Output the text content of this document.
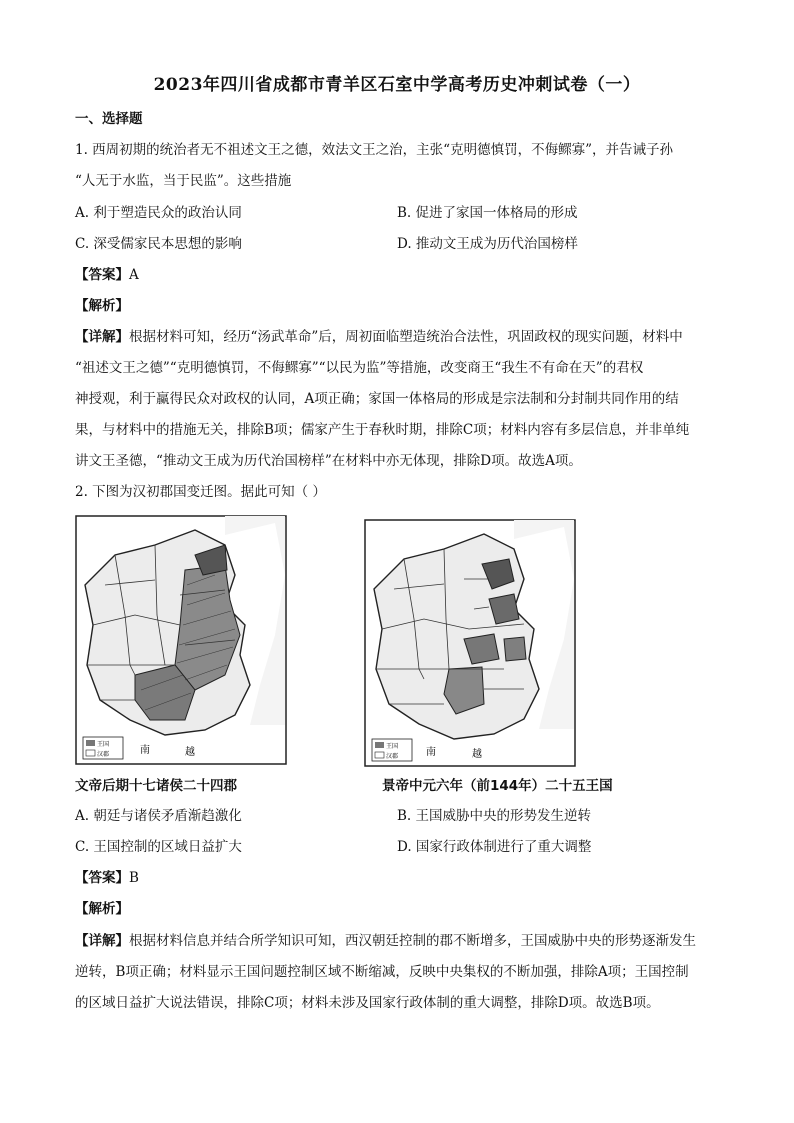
2023年四川省成都市青羊区石室中学高考历史冲刺试卷（一）
一、选择题
1. 西周初期的统治者无不祖述文王之德，效法文王之治，主张“克明德慎罚，不侮鳏寡”，并告诫子孙
“人无于水监，当于民监”。这些措施
A. 利于塑造民众的政治认同	B. 促进了家国一体格局的形成
C. 深受儒家民本思想的影响	D. 推动文王成为历代治国榜样
【答案】A
【解析】
【详解】根据材料可知，经历“汤武革命”后，周初面临塑造统治合法性，巩固政权的现实问题，材料中
“祖述文王之德”“克明德慎罚，不侮鳏寡”“以民为监”等措施，改变商王“我生不有命在天”的君权
神授观，利于赢得民众对政权的认同，A项正确；家国一体格局的形成是宗法制和分封制共同作用的结
果，与材料中的措施无关，排除B项；儒家产生于春秋时期，排除C项；材料内容有多层信息，并非单纯
讲文王圣德，“推动文王成为历代治国榜样”在材料中亦无体现，排除D项。故选A项。
2. 下图为汉初郡国变迁图。据此可知（ ）
南	越
王国
汉郡	南	越
王国
汉郡
文帝后期十七诸侯二十四郡	景帝中元六年（前144年）二十五王国
A. 朝廷与诸侯矛盾渐趋激化	B. 王国威胁中央的形势发生逆转
C. 王国控制的区域日益扩大	D. 国家行政体制进行了重大调整
【答案】B
【解析】
【详解】根据材料信息并结合所学知识可知，西汉朝廷控制的郡不断增多，王国威胁中央的形势逐渐发生
逆转，B项正确；材料显示王国问题控制区域不断缩减，反映中央集权的不断加强，排除A项；王国控制
的区域日益扩大说法错误，排除C项；材料未涉及国家行政体制的重大调整，排除D项。故选B项。
